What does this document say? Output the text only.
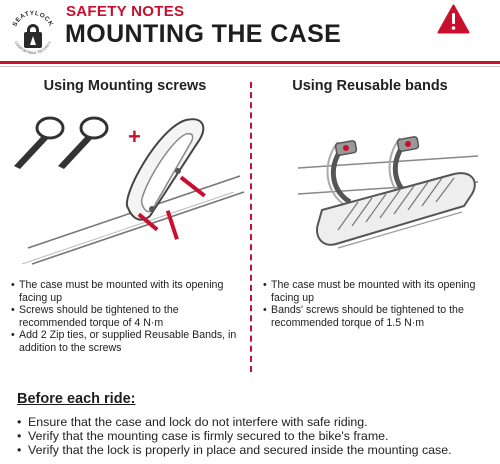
SEATYLOCK
COMFORTABLE SECURITY
SAFETY NOTES
MOUNTING THE CASE
Using Mounting screws	Using Reusable bands
+
• The case must be mounted with its opening facing up
• Screws should be tightened to the recommended torque of 4 N·m
• Add 2 Zip ties, or supplied Reusable Bands, in addition to the screws
• The case must be mounted with its opening facing up
• Bands' screws should be tightened to the recommended torque of 1.5 N·m
Before each ride:
• Ensure that the case and lock do not interfere with safe riding.
• Verify that the mounting case is firmly secured to the bike's frame.
• Verify that the lock is properly in place and secured inside the mounting case.
